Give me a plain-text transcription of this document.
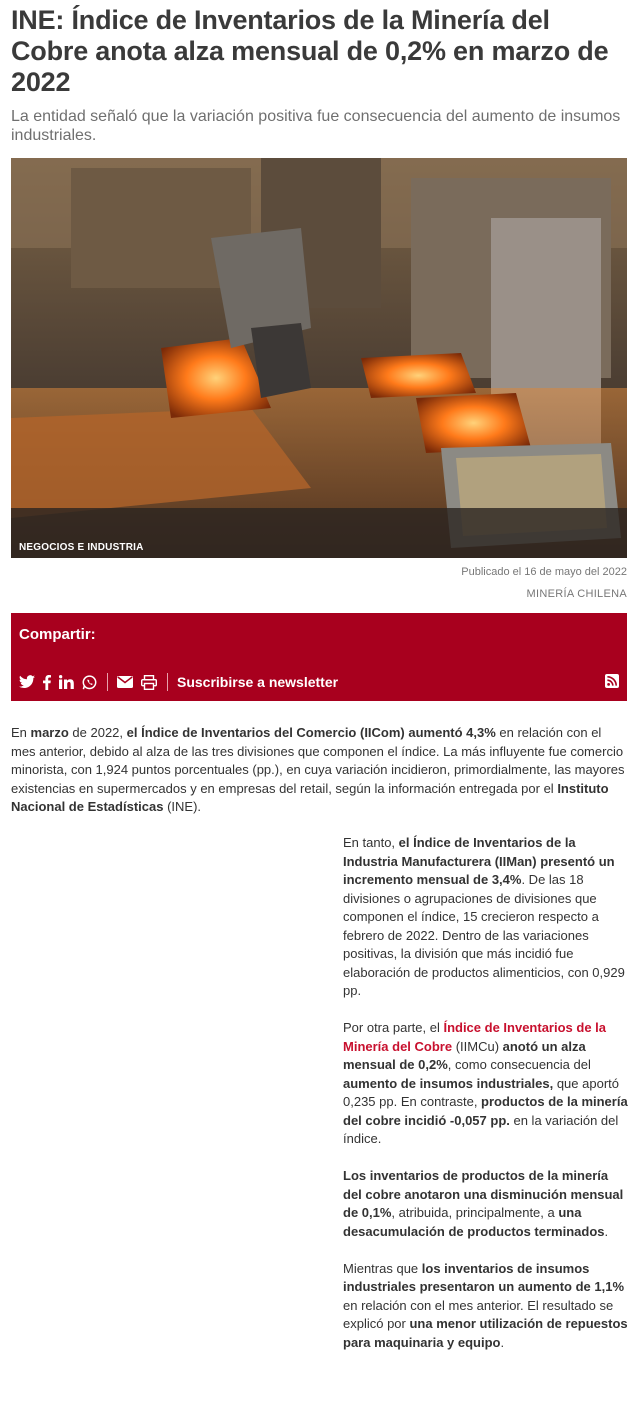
INE: Índice de Inventarios de la Minería del Cobre anota alza mensual de 0,2% en marzo de 2022
La entidad señaló que la variación positiva fue consecuencia del aumento de insumos industriales.
NEGOCIOS E INDUSTRIA
Publicado el 16 de mayo del 2022
MINERÍA CHILENA
Compartir:
Suscribirse a newsletter
En marzo de 2022, el Índice de Inventarios del Comercio (IICom) aumentó 4,3% en relación con el mes anterior, debido al alza de las tres divisiones que componen el índice. La más influyente fue comercio minorista, con 1,924 puntos porcentuales (pp.), en cuya variación incidieron, primordialmente, las mayores existencias en supermercados y en empresas del retail, según la información entregada por el Instituto Nacional de Estadísticas (INE).

En tanto, el Índice de Inventarios de la Industria Manufacturera (IIMan) presentó un incremento mensual de 3,4%. De las 18 divisiones o agrupaciones de divisiones que componen el índice, 15 crecieron respecto a febrero de 2022. Dentro de las variaciones positivas, la división que más incidió fue elaboración de productos alimenticios, con 0,929 pp.

Por otra parte, el Índice de Inventarios de la Minería del Cobre (IIMCu) anotó un alza mensual de 0,2%, como consecuencia del aumento de insumos industriales, que aportó 0,235 pp. En contraste, productos de la minería del cobre incidió -0,057 pp. en la variación del índice.

Los inventarios de productos de la minería del cobre anotaron una disminución mensual de 0,1%, atribuida, principalmente, a una desacumulación de productos terminados.

Mientras que los inventarios de insumos industriales presentaron un aumento de 1,1% en relación con el mes anterior. El resultado se explicó por una menor utilización de repuestos para maquinaria y equipo.
